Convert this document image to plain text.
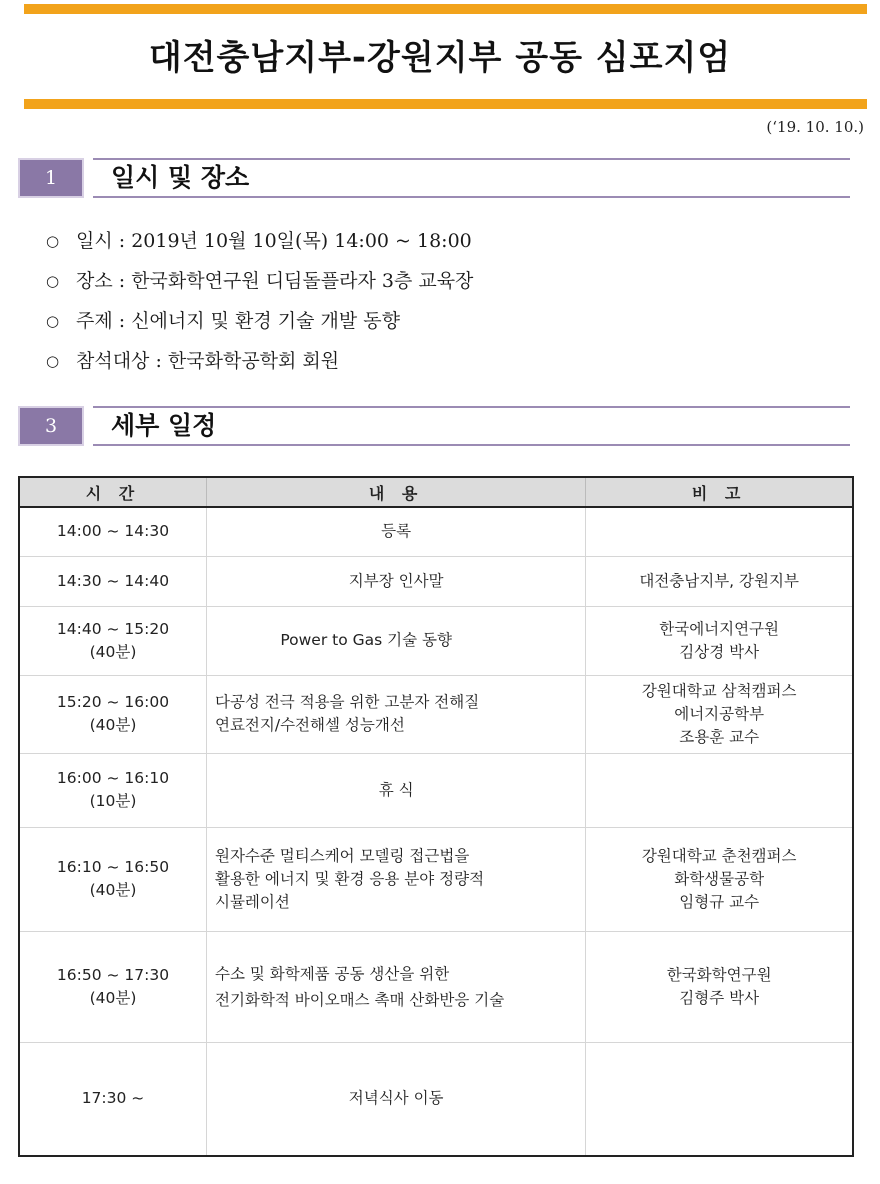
대전충남지부-강원지부 공동 심포지엄
(‘19. 10. 10.)
1	일시 및 장소
○ 일시 : 2019년 10월 10일(목) 14:00 ~ 18:00
○ 장소 : 한국화학연구원 디딤돌플라자 3층 교육장
○ 주제 : 신에너지 및 환경 기술 개발 동향
○ 참석대상 : 한국화학공학회 회원
3	세부 일정
시 간	내 용	비 고

14:00 ~ 14:30	등록	

14:30 ~ 14:40	지부장 인사말	대전충남지부, 강원지부

14:40 ~ 15:20
(40분)	Power to Gas 기술 동향	한국에너지연구원
김상경 박사

15:20 ~ 16:00
(40분)	다공성 전극 적용을 위한 고분자 전해질
연료전지/수전해셀 성능개선	강원대학교 삼척캠퍼스
에너지공학부
조용훈 교수

16:00 ~ 16:10
(10분)	휴 식	

16:10 ~ 16:50
(40분)	원자수준 멀티스케어 모델링 접근법을
활용한 에너지 및 환경 응용 분야 정량적
시뮬레이션	강원대학교 춘천캠퍼스
화학생물공학
임형규 교수

16:50 ~ 17:30
(40분)	수소 및 화학제품 공동 생산을 위한
전기화학적 바이오매스 촉매 산화반응 기술	한국화학연구원
김형주 박사

17:30 ~	저녁식사 이동	
